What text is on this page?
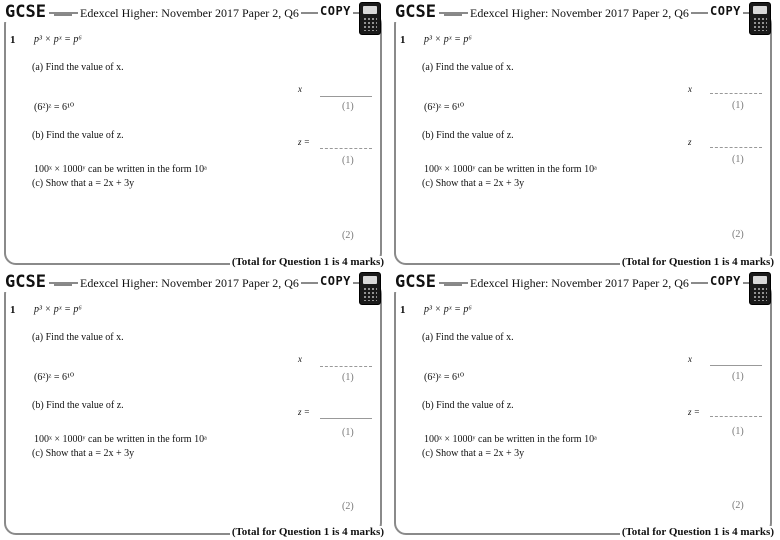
GCSE	Edexcel Higher: November 2017 Paper 2, Q6 COPY
1 p³ × pˣ = p⁶
(a) Find the value of x.
x
(1)
(6²)ᶻ = 6¹⁰
(b) Find the value of z.
z =
(1)
100ˣ × 1000ʸ can be written in the form 10ᵃ
(c) Show that a = 2x + 3y
(2)
(Total for Question 1 is 4 marks)
GCSE	Edexcel Higher: November 2017 Paper 2, Q6 COPY
1 p³ × pˣ = p⁶
(a) Find the value of x.
x
(1)
(6²)ᶻ = 6¹⁰
(b) Find the value of z.
z
(1)
100ˣ × 1000ʸ can be written in the form 10ᵃ
(c) Show that a = 2x + 3y
(2)
(Total for Question 1 is 4 marks)
GCSE	Edexcel Higher: November 2017 Paper 2, Q6 COPY
1 p³ × pˣ = p⁶
(a) Find the value of x.
x
(1)
(6²)ᶻ = 6¹⁰
(b) Find the value of z.
z =
(1)
100ˣ × 1000ʸ can be written in the form 10ᵃ
(c) Show that a = 2x + 3y
(2)
(Total for Question 1 is 4 marks)
GCSE	Edexcel Higher: November 2017 Paper 2, Q6 COPY
1 p³ × pˣ = p⁶
(a) Find the value of x.
x
(1)
(6²)ᶻ = 6¹⁰
(b) Find the value of z.
z =
(1)
100ˣ × 1000ʸ can be written in the form 10ᵃ
(c) Show that a = 2x + 3y
(2)
(Total for Question 1 is 4 marks)
